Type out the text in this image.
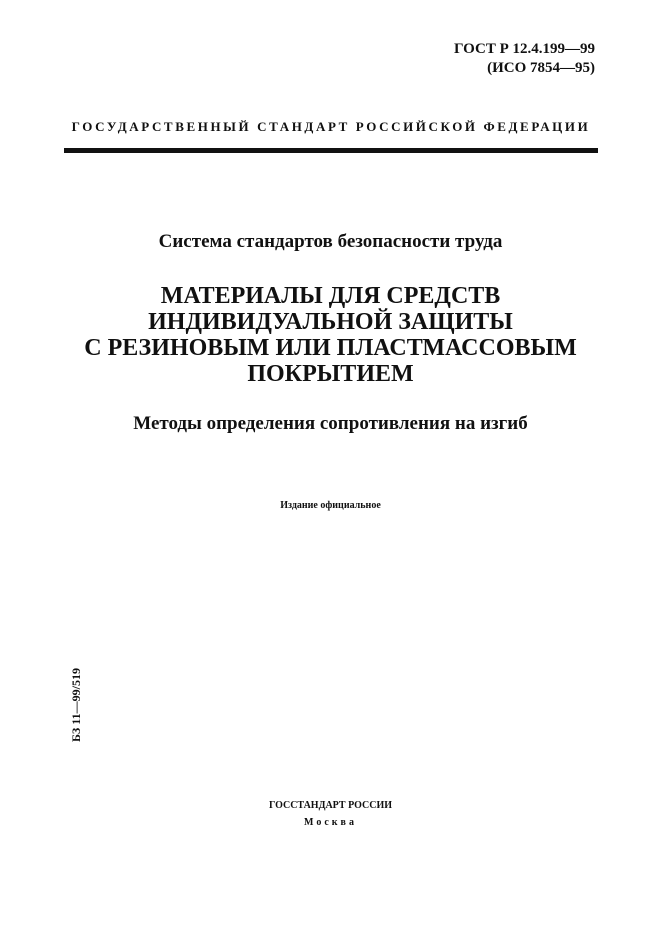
ГОСТ Р 12.4.199—99
(ИСО 7854—95)
ГОСУДАРСТВЕННЫЙ СТАНДАРТ РОССИЙСКОЙ ФЕДЕРАЦИИ
Система стандартов безопасности труда
МАТЕРИАЛЫ ДЛЯ СРЕДСТВ
ИНДИВИДУАЛЬНОЙ ЗАЩИТЫ
С РЕЗИНОВЫМ ИЛИ ПЛАСТМАССОВЫМ
ПОКРЫТИЕМ
Методы определения сопротивления на изгиб
Издание официальное
БЗ 11—99/519
ГОССТАНДАРТ РОССИИ
Москва
